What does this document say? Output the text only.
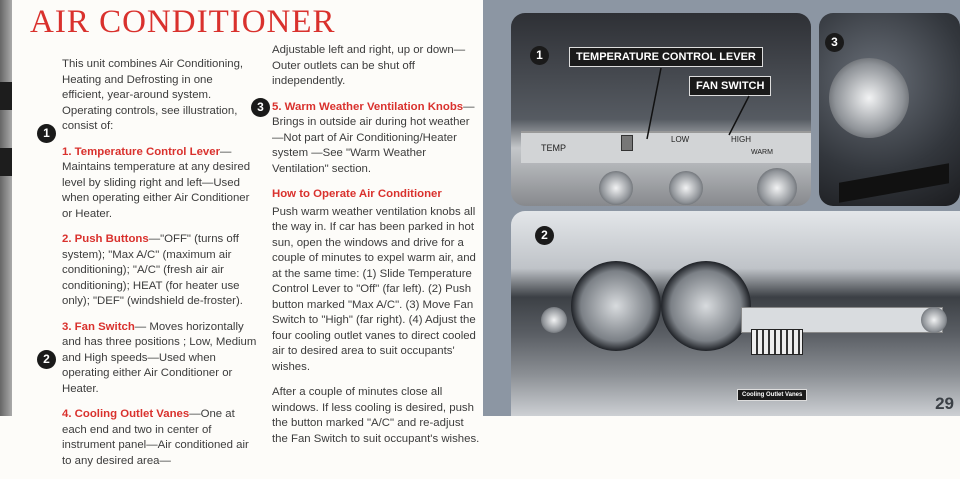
AIR CONDITIONER
1
2
3

This unit combines Air Conditioning, Heating and Defrosting in one efficient, year-around system. Operating controls, see illustration, consist of:

1. Temperature Control Lever—Maintains temperature at any desired level by sliding right and left—Used when operating either Air Conditioner or Heater.

2. Push Buttons—"OFF" (turns off system); "Max A/C" (maximum air conditioning); "A/C" (fresh air air conditioning); HEAT (for heater use only); "DEF" (windshield de-froster).

3. Fan Switch— Moves horizontally and has three positions ; Low, Medium and High speeds—Used when operating either Air Conditioner or Heater.

4. Cooling Outlet Vanes—One at each end and two in center of instrument panel—Air conditioned air to any desired area—

Adjustable left and right, up or down—Outer outlets can be shut off independently.

5. Warm Weather Ventilation Knobs—Brings in outside air during hot weather—Not part of Air Conditioning/Heater system —See "Warm Weather Ventilation" section.

How to Operate Air Conditioner

Push warm weather ventilation knobs all the way in. If car has been parked in hot sun, open the windows and drive for a couple of minutes to expel warm air, and at the same time: (1) Slide Temperature Control Lever to "Off" (far left). (2) Push button marked "Max A/C". (3) Move Fan Switch to "High" (far right). (4) Adjust the four cooling outlet vanes to direct cooled air to desired area to suit occupants' wishes.

After a couple of minutes close all windows. If less cooling is desired, push the button marked "A/C" and re-adjust the Fan Switch to suit occupant's wishes.

TEMP
LOW	HIGH
WARM
1	TEMPERATURE CONTROL LEVER
FAN SWITCH
3
2
Cooling Outlet Vanes	29
